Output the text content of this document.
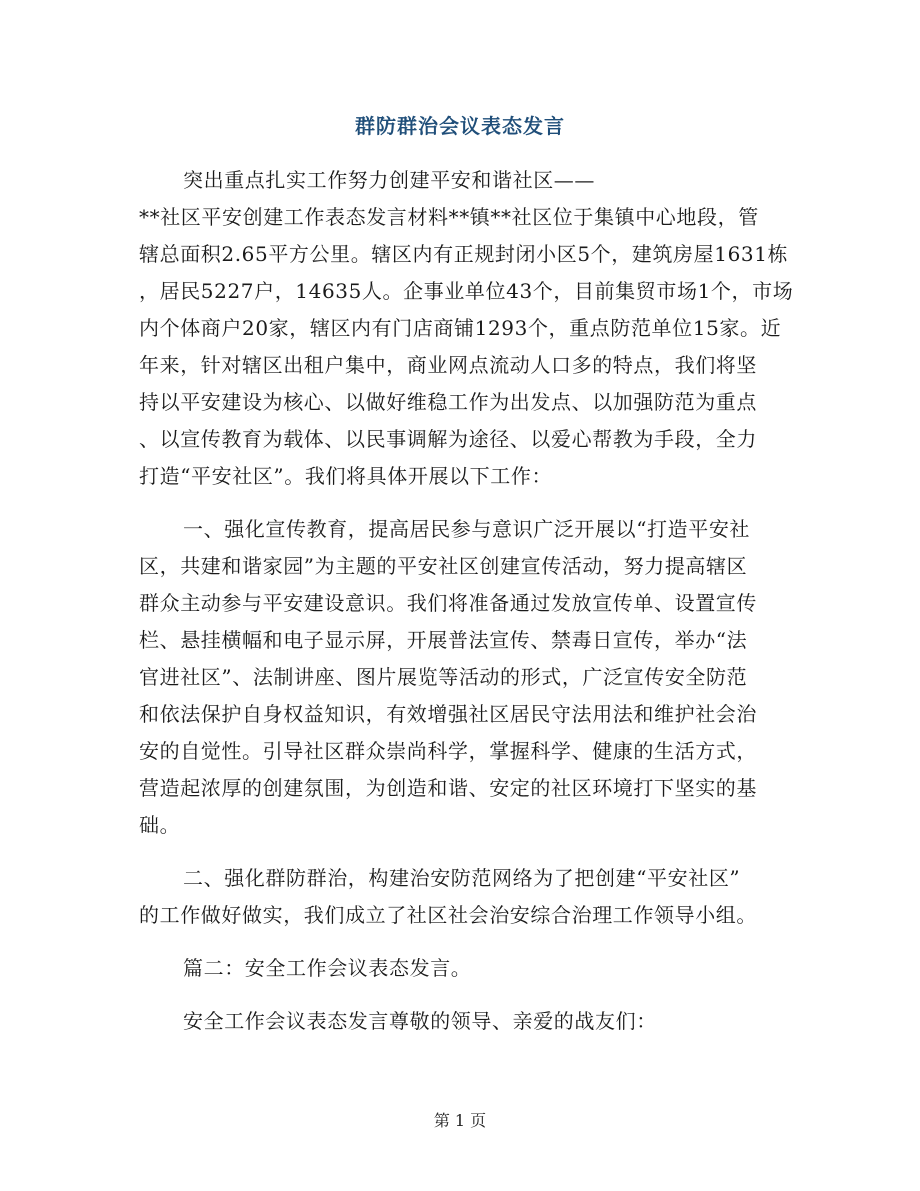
群防群治会议表态发言
突出重点扎实工作努力创建平安和谐社区——
**社区平安创建工作表态发言材料**镇**社区位于集镇中心地段，管
辖总面积2.65平方公里。辖区内有正规封闭小区5个，建筑房屋1631栋
，居民5227户，14635人。企事业单位43个，目前集贸市场1个，市场
内个体商户20家，辖区内有门店商铺1293个，重点防范单位15家。近
年来，针对辖区出租户集中，商业网点流动人口多的特点，我们将坚
持以平安建设为核心、以做好维稳工作为出发点、以加强防范为重点
、以宣传教育为载体、以民事调解为途径、以爱心帮教为手段，全力
打造“平安社区”。我们将具体开展以下工作：
一、强化宣传教育，提高居民参与意识广泛开展以“打造平安社
区，共建和谐家园”为主题的平安社区创建宣传活动，努力提高辖区
群众主动参与平安建设意识。我们将准备通过发放宣传单、设置宣传
栏、悬挂横幅和电子显示屏，开展普法宣传、禁毒日宣传，举办“法
官进社区”、法制讲座、图片展览等活动的形式，广泛宣传安全防范
和依法保护自身权益知识，有效增强社区居民守法用法和维护社会治
安的自觉性。引导社区群众崇尚科学，掌握科学、健康的生活方式，
营造起浓厚的创建氛围，为创造和谐、安定的社区环境打下坚实的基
础。
二、强化群防群治，构建治安防范网络为了把创建“平安社区”
的工作做好做实，我们成立了社区社会治安综合治理工作领导小组。
篇二：安全工作会议表态发言。
安全工作会议表态发言尊敬的领导、亲爱的战友们：
第 1 页
